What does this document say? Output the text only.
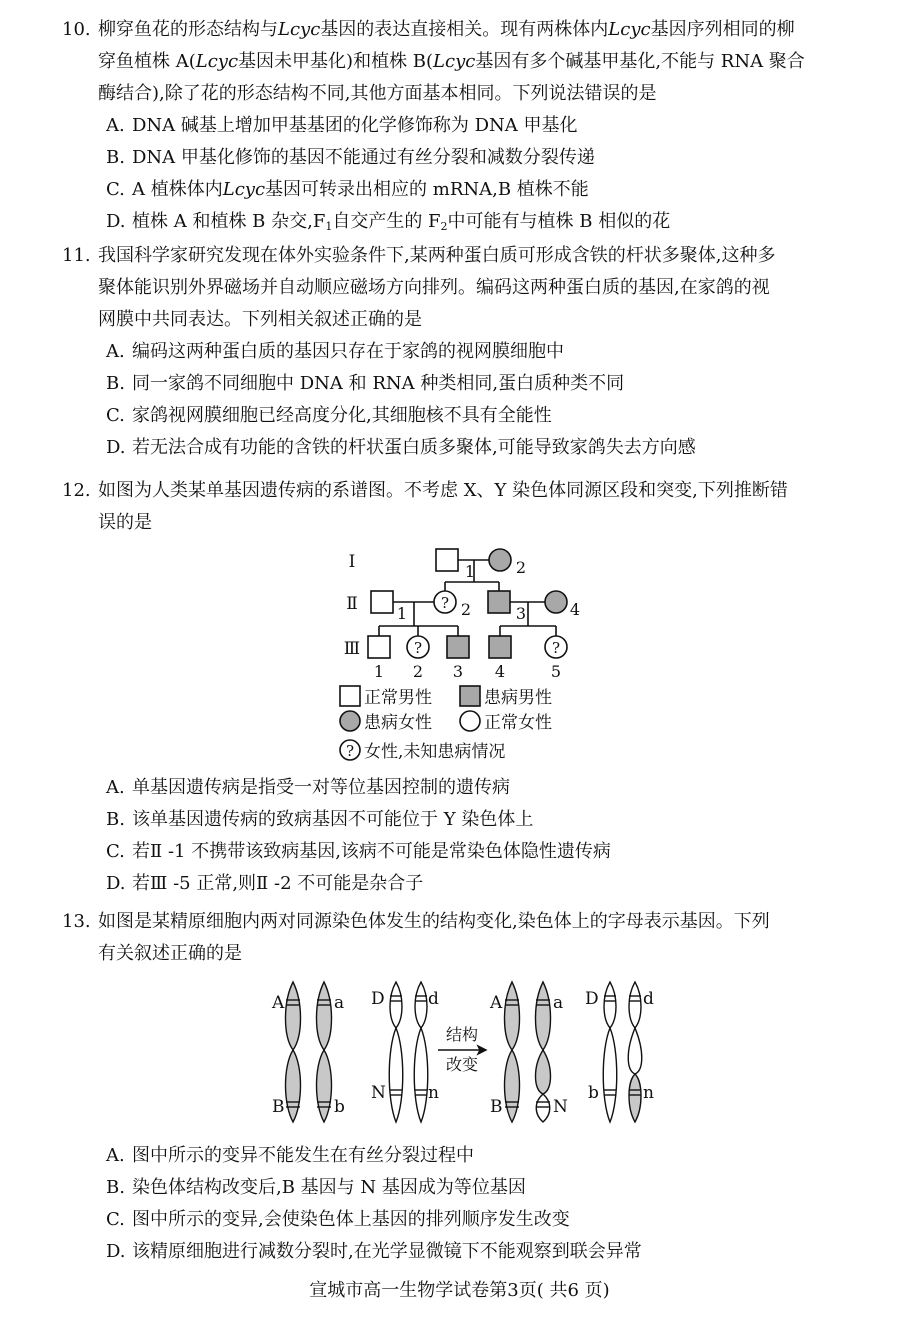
10. 柳穿鱼花的形态结构与Lcyc基因的表达直接相关。现有两株体内Lcyc基因序列相同的柳
穿鱼植株 A(Lcyc基因未甲基化)和植株 B(Lcyc基因有多个碱基甲基化,不能与 RNA 聚合
酶结合),除了花的形态结构不同,其他方面基本相同。下列说法错误的是
A. DNA 碱基上增加甲基基团的化学修饰称为 DNA 甲基化
B. DNA 甲基化修饰的基因不能通过有丝分裂和减数分裂传递
C. A 植株体内Lcyc基因可转录出相应的 mRNA,B 植株不能
D. 植株 A 和植株 B 杂交$,F_1$自交产生的 $F_2$中可能有与植株 B 相似的花
11. 我国科学家研究发现在体外实验条件下,某两种蛋白质可形成含铁的杆状多聚体,这种多
聚体能识别外界磁场并自动顺应磁场方向排列。编码这两种蛋白质的基因,在家鸽的视
网膜中共同表达。下列相关叙述正确的是
A. 编码这两种蛋白质的基因只存在于家鸽的视网膜细胞中
B. 同一家鸽不同细胞中 DNA 和 RNA 种类相同,蛋白质种类不同
C. 家鸽视网膜细胞已经高度分化,其细胞核不具有全能性
D. 若无法合成有功能的含铁的杆状蛋白质多聚体,可能导致家鸽失去方向感
12. 如图为人类某单基因遗传病的系谱图。不考虑 X、Y 染色体同源区段和突变,下列推断错
误的是
?
?	?
?
Ⅰ
Ⅱ
Ⅲ
1	2
1	2	3	4
1 2 3 4	5
正常男性	患病男性
患病女性	正常女性
女性,未知患病情况
A. 单基因遗传病是指受一对等位基因控制的遗传病
B. 该单基因遗传病的致病基因不可能位于 Y 染色体上
C. 若Ⅱ -1 不携带该致病基因,该病不可能是常染色体隐性遗传病
D. 若Ⅲ -5 正常,则Ⅱ -2 不可能是杂合子
13. 如图是某精原细胞内两对同源染色体发生的结构变化,染色体上的字母表示基因。下列
有关叙述正确的是
A	a
B	b
D	d
N n
结构
改变
A	a
B	N
D	d
b	n
A. 图中所示的变异不能发生在有丝分裂过程中
B. 染色体结构改变后,B 基因与 N 基因成为等位基因
C. 图中所示的变异,会使染色体上基因的排列顺序发生改变
D. 该精原细胞进行减数分裂时,在光学显微镜下不能观察到联会异常
宣城市高一生物学试卷第3页( 共6 页)
